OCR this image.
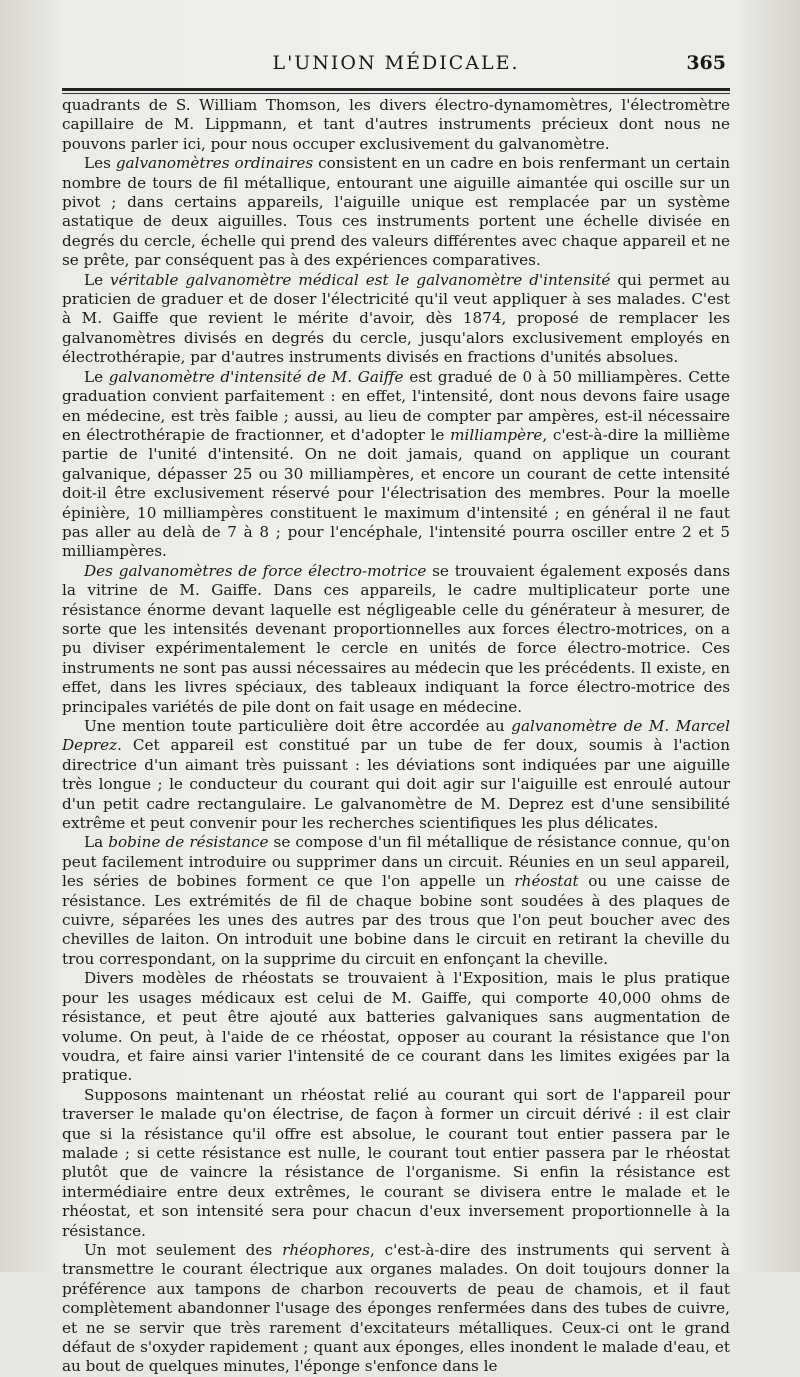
L'UNION MÉDICALE.	365

quadrants de S. William Thomson, les divers électro-dynamomètres, l'électromètre capillaire de M. Lippmann, et tant d'autres instruments précieux dont nous ne pouvons parler ici, pour nous occuper exclusivement du galvanomètre.

Les galvanomètres ordinaires consistent en un cadre en bois renfermant un certain nombre de tours de fil métallique, entourant une aiguille aimantée qui oscille sur un pivot ; dans certains appareils, l'aiguille unique est remplacée par un système astatique de deux aiguilles. Tous ces instruments portent une échelle divisée en degrés du cercle, échelle qui prend des valeurs différentes avec chaque appareil et ne se prête, par conséquent pas à des expériences comparatives.

Le véritable galvanomètre médical est le galvanomètre d'intensité qui permet au praticien de graduer et de doser l'électricité qu'il veut appliquer à ses malades. C'est à M. Gaiffe que revient le mérite d'avoir, dès 1874, proposé de remplacer les galvanomètres divisés en degrés du cercle, jusqu'alors exclusivement employés en électrothérapie, par d'autres instruments divisés en fractions d'unités absolues.

Le galvanomètre d'intensité de M. Gaiffe est gradué de 0 à 50 milliampères. Cette graduation convient parfaitement : en effet, l'intensité, dont nous devons faire usage en médecine, est très faible ; aussi, au lieu de compter par ampères, est-il nécessaire en électrothérapie de fractionner, et d'adopter le milliampère, c'est-à-dire la millième partie de l'unité d'intensité. On ne doit jamais, quand on applique un courant galvanique, dépasser 25 ou 30 milliampères, et encore un courant de cette intensité doit-il être exclusivement réservé pour l'électrisation des membres. Pour la moelle épinière, 10 milliampères constituent le maximum d'intensité ; en général il ne faut pas aller au delà de 7 à 8 ; pour l'encéphale, l'intensité pourra osciller entre 2 et 5 milliampères.

Des galvanomètres de force électro-motrice se trouvaient également exposés dans la vitrine de M. Gaiffe. Dans ces appareils, le cadre multiplicateur porte une résistance énorme devant laquelle est négligeable celle du générateur à mesurer, de sorte que les intensités devenant proportionnelles aux forces électro-motrices, on a pu diviser expérimentalement le cercle en unités de force électro-motrice. Ces instruments ne sont pas aussi nécessaires au médecin que les précédents. Il existe, en effet, dans les livres spéciaux, des tableaux indiquant la force électro-motrice des principales variétés de pile dont on fait usage en médecine.

Une mention toute particulière doit être accordée au galvanomètre de M. Marcel Deprez. Cet appareil est constitué par un tube de fer doux, soumis à l'action directrice d'un aimant très puissant : les déviations sont indiquées par une aiguille très longue ; le conducteur du courant qui doit agir sur l'aiguille est enroulé autour d'un petit cadre rectangulaire. Le galvanomètre de M. Deprez est d'une sensibilité extrême et peut convenir pour les recherches scientifiques les plus délicates.

La bobine de résistance se compose d'un fil métallique de résistance connue, qu'on peut facilement introduire ou supprimer dans un circuit. Réunies en un seul appareil, les séries de bobines forment ce que l'on appelle un rhéostat ou une caisse de résistance. Les extrémités de fil de chaque bobine sont soudées à des plaques de cuivre, séparées les unes des autres par des trous que l'on peut boucher avec des chevilles de laiton. On introduit une bobine dans le circuit en retirant la cheville du trou correspondant, on la supprime du circuit en enfonçant la cheville.

Divers modèles de rhéostats se trouvaient à l'Exposition, mais le plus pratique pour les usages médicaux est celui de M. Gaiffe, qui comporte 40,000 ohms de résistance, et peut être ajouté aux batteries galvaniques sans augmentation de volume. On peut, à l'aide de ce rhéostat, opposer au courant la résistance que l'on voudra, et faire ainsi varier l'intensité de ce courant dans les limites exigées par la pratique.

Supposons maintenant un rhéostat relié au courant qui sort de l'appareil pour traverser le malade qu'on électrise, de façon à former un circuit dérivé : il est clair que si la résistance qu'il offre est absolue, le courant tout entier passera par le malade ; si cette résistance est nulle, le courant tout entier passera par le rhéostat plutôt que de vaincre la résistance de l'organisme. Si enfin la résistance est intermédiaire entre deux extrêmes, le courant se divisera entre le malade et le rhéostat, et son intensité sera pour chacun d'eux inversement proportionnelle à la résistance.

Un mot seulement des rhéophores, c'est-à-dire des instruments qui servent à transmettre le courant électrique aux organes malades. On doit toujours donner la préférence aux tampons de charbon recouverts de peau de chamois, et il faut complètement abandonner l'usage des éponges renfermées dans des tubes de cuivre, et ne se servir que très rarement d'excitateurs métalliques. Ceux-ci ont le grand défaut de s'oxyder rapidement ; quant aux éponges, elles inondent le malade d'eau, et au bout de quelques minutes, l'éponge s'enfonce dans le
